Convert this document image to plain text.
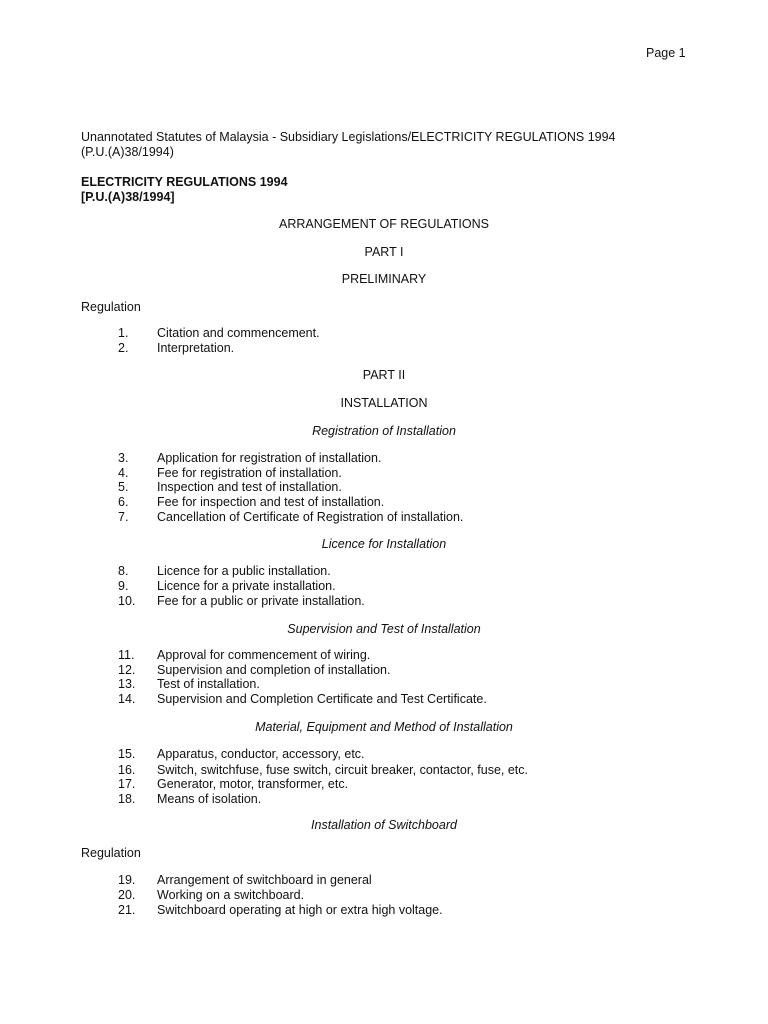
Page 1
Unannotated Statutes of Malaysia - Subsidiary Legislations/ELECTRICITY REGULATIONS 1994
(P.U.(A)38/1994)
ELECTRICITY REGULATIONS 1994
[P.U.(A)38/1994]
ARRANGEMENT OF REGULATIONS
PART I
PRELIMINARY
Regulation
1. Citation and commencement.
2. Interpretation.
PART II
INSTALLATION
Registration of Installation
3. Application for registration of installation.
4. Fee for registration of installation.
5. Inspection and test of installation.
6. Fee for inspection and test of installation.
7. Cancellation of Certificate of Registration of installation.
Licence for Installation
8. Licence for a public installation.
9. Licence for a private installation.
10. Fee for a public or private installation.
Supervision and Test of Installation
11. Approval for commencement of wiring.
12. Supervision and completion of installation.
13. Test of installation.
14. Supervision and Completion Certificate and Test Certificate.
Material, Equipment and Method of Installation
15. Apparatus, conductor, accessory, etc.
16. Switch, switchfuse, fuse switch, circuit breaker, contactor, fuse, etc.
17. Generator, motor, transformer, etc.
18. Means of isolation.
Installation of Switchboard
Regulation
19. Arrangement of switchboard in general
20. Working on a switchboard.
21. Switchboard operating at high or extra high voltage.
